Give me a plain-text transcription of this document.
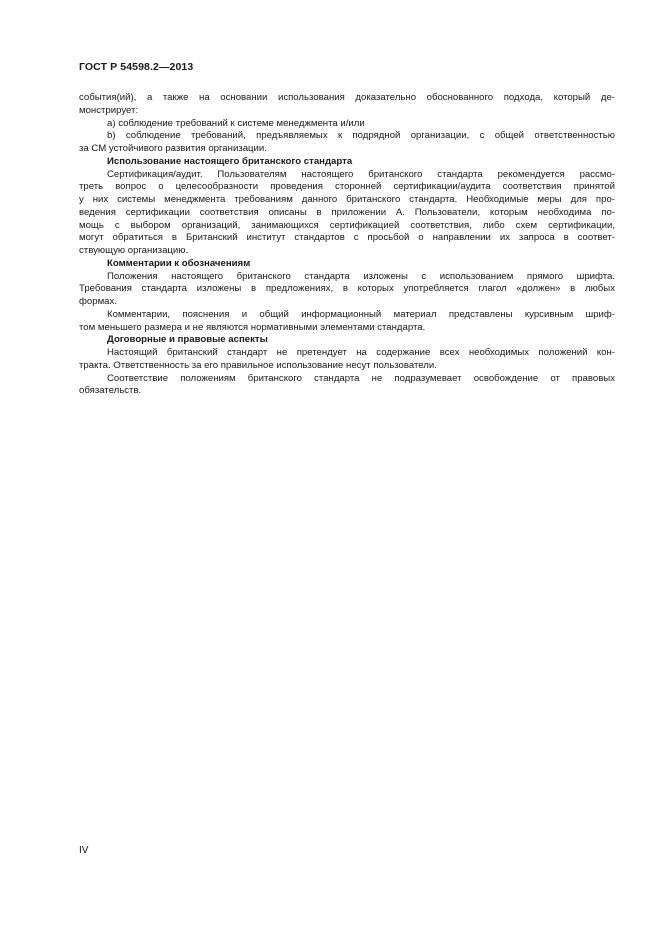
ГОСТ Р 54598.2—2013

события(ий), а также на основании использования доказательно обоснованного подхода, который де-
монстрирует:

а) соблюдение требований к системе менеджмента и/или

b) соблюдение требований, предъявляемых к подрядной организации, с общей ответственностью
за СМ устойчивого развития организации.

Использование настоящего британского стандарта

Сертификация/аудит. Пользователям настоящего британского стандарта рекомендуется рассмо-
треть вопрос о целесообразности проведения сторонней сертификации/аудита соответствия принятой
у них системы менеджмента требованиям данного британского стандарта. Необходимые меры для про-
ведения сертификации соответствия описаны в приложении А. Пользователи, которым необходима по-
мощь с выбором организаций, занимающихся сертификацией соответствия, либо схем сертификации,
могут обратиться в Британский институт стандартов с просьбой о направлении их запроса в соответ-
ствующую организацию.

Комментарии к обозначениям

Положения настоящего британского стандарта изложены с использованием прямого шрифта.
Требования стандарта изложены в предложениях, в которых употребляется глагол «должен» в любых
формах.

Комментарии, пояснения и общий информационный материал представлены курсивным шриф-
том меньшего размера и не являются нормативными элементами стандарта.

Договорные и правовые аспекты

Настоящий британский стандарт не претендует на содержание всех необходимых положений кон-
тракта. Ответственность за его правильное использование несут пользователи.

Соответствие положениям британского стандарта не подразумевает освобождение от правовых
обязательств.

IV
